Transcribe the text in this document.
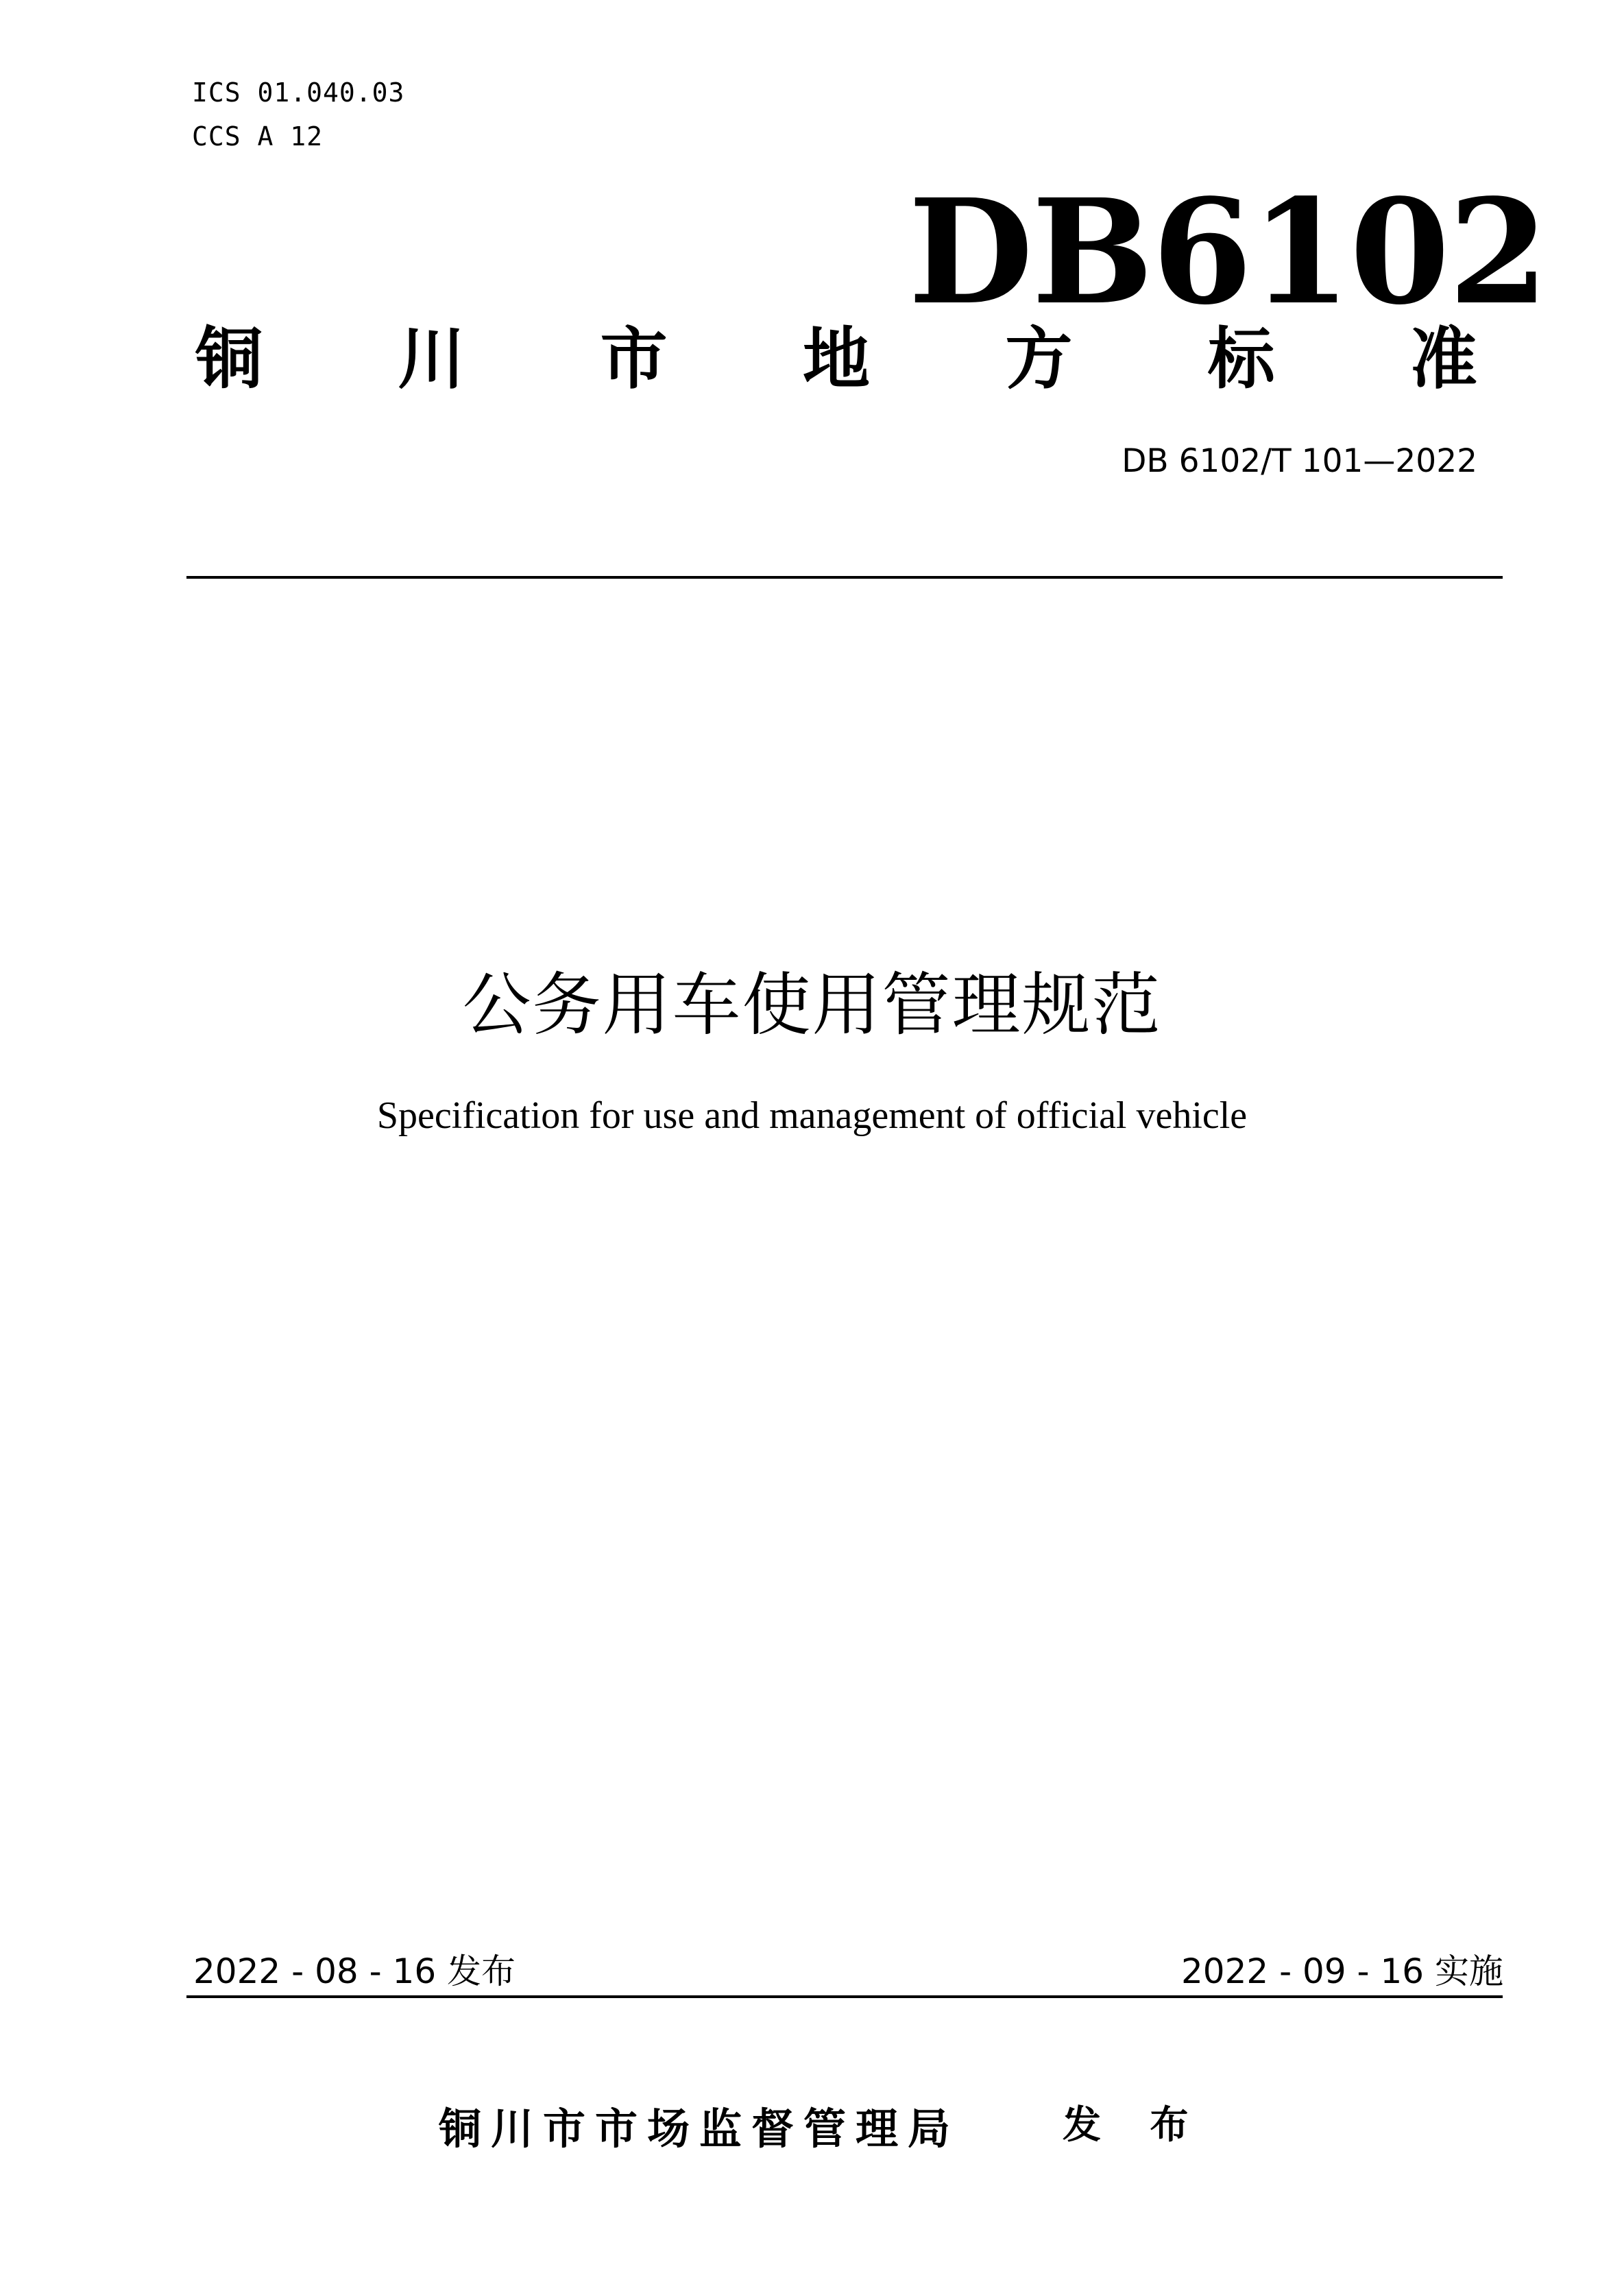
ICS 01.040.03
CCS A 12
DB6102
铜 川 市 地 方 标 准
DB 6102/T 101—2022
公务用车使用管理规范
Specification for use and management of official vehicle
2022 - 08 - 16 发布	2022 - 09 - 16 实施
铜川市市场监督管理局	发 布
